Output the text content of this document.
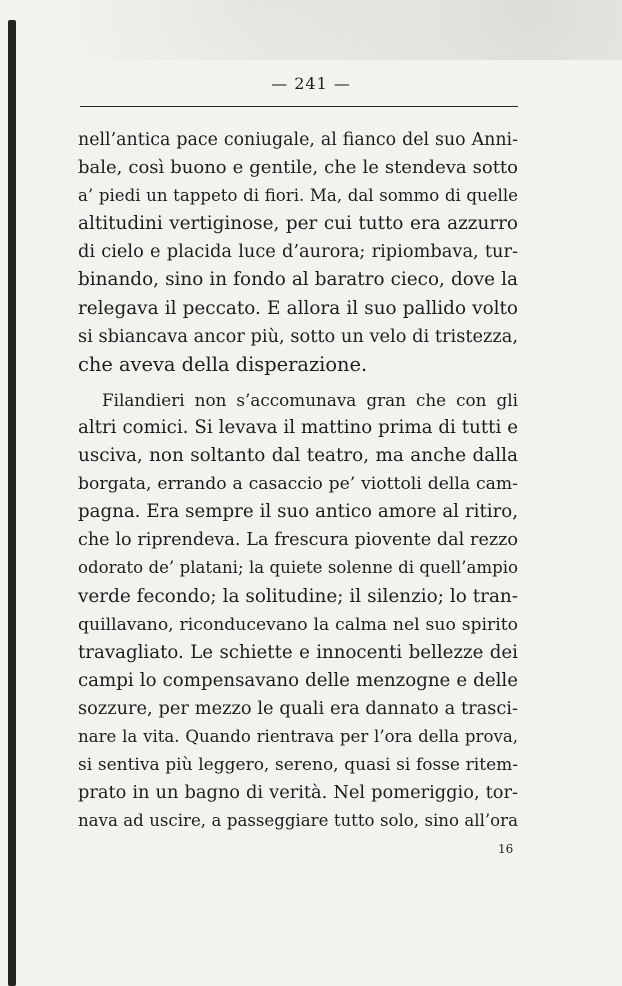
— 241 —
nell’antica pace coniugale, al fianco del suo Anni-
bale, così buono e gentile, che le stendeva sotto
a’ piedi un tappeto di fiori. Ma, dal sommo di quelle
altitudini vertiginose, per cui tutto era azzurro
di cielo e placida luce d’aurora; ripiombava, tur-
binando, sino in fondo al baratro cieco, dove la
relegava il peccato. E allora il suo pallido volto
si sbiancava ancor più, sotto un velo di tristezza,
che aveva della disperazione.
Filandieri non s’accomunava gran che con gli
altri comici. Si levava il mattino prima di tutti e
usciva, non soltanto dal teatro, ma anche dalla
borgata, errando a casaccio pe’ viottoli della cam-
pagna. Era sempre il suo antico amore al ritiro,
che lo riprendeva. La frescura piovente dal rezzo
odorato de’ platani; la quiete solenne di quell’ampio
verde fecondo; la solitudine; il silenzio; lo tran-
quillavano, riconducevano la calma nel suo spirito
travagliato. Le schiette e innocenti bellezze dei
campi lo compensavano delle menzogne e delle
sozzure, per mezzo le quali era dannato a trasci-
nare la vita. Quando rientrava per l’ora della prova,
si sentiva più leggero, sereno, quasi si fosse ritem-
prato in un bagno di verità. Nel pomeriggio, tor-
nava ad uscire, a passeggiare tutto solo, sino all’ora
16
